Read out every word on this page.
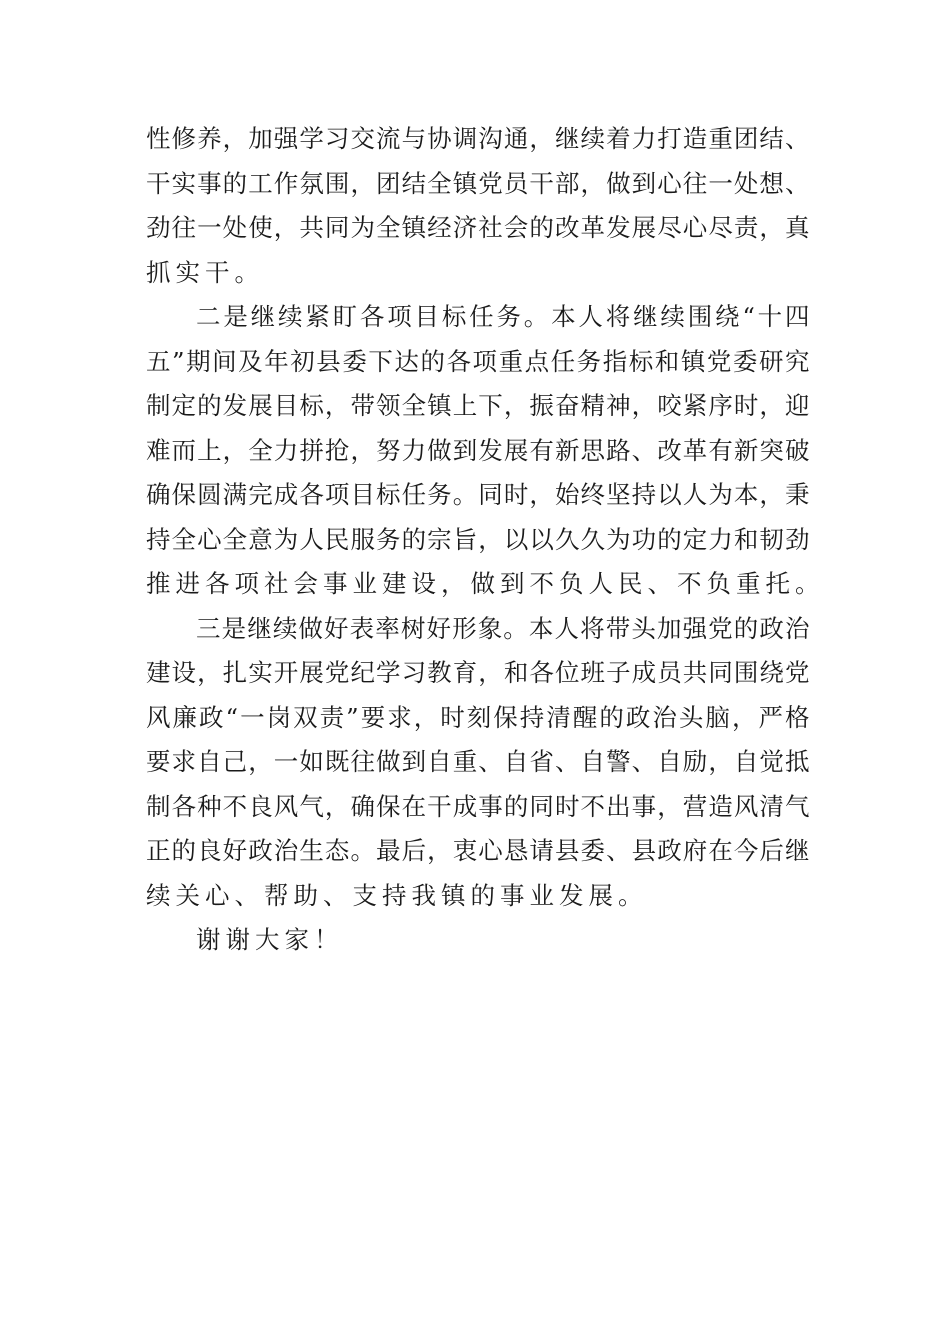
性修养，加强学习交流与协调沟通，继续着力打造重团结、
干实事的工作氛围，团结全镇党员干部，做到心往一处想、
劲往一处使，共同为全镇经济社会的改革发展尽心尽责，真
抓实干。
二是继续紧盯各项目标任务。本人将继续围绕“十四
五”期间及年初县委下达的各项重点任务指标和镇党委研究
制定的发展目标，带领全镇上下，振奋精神，咬紧序时，迎
难而上，全力拼抢，努力做到发展有新思路、改革有新突破
确保圆满完成各项目标任务。同时，始终坚持以人为本，秉
持全心全意为人民服务的宗旨，以以久久为功的定力和韧劲
推进各项社会事业建设，做到不负人民、不负重托。
三是继续做好表率树好形象。本人将带头加强党的政治
建设，扎实开展党纪学习教育，和各位班子成员共同围绕党
风廉政“一岗双责”要求，时刻保持清醒的政治头脑，严格
要求自己，一如既往做到自重、自省、自警、自励，自觉抵
制各种不良风气，确保在干成事的同时不出事，营造风清气
正的良好政治生态。最后，衷心恳请县委、县政府在今后继
续关心、帮助、支持我镇的事业发展。
谢谢大家！
